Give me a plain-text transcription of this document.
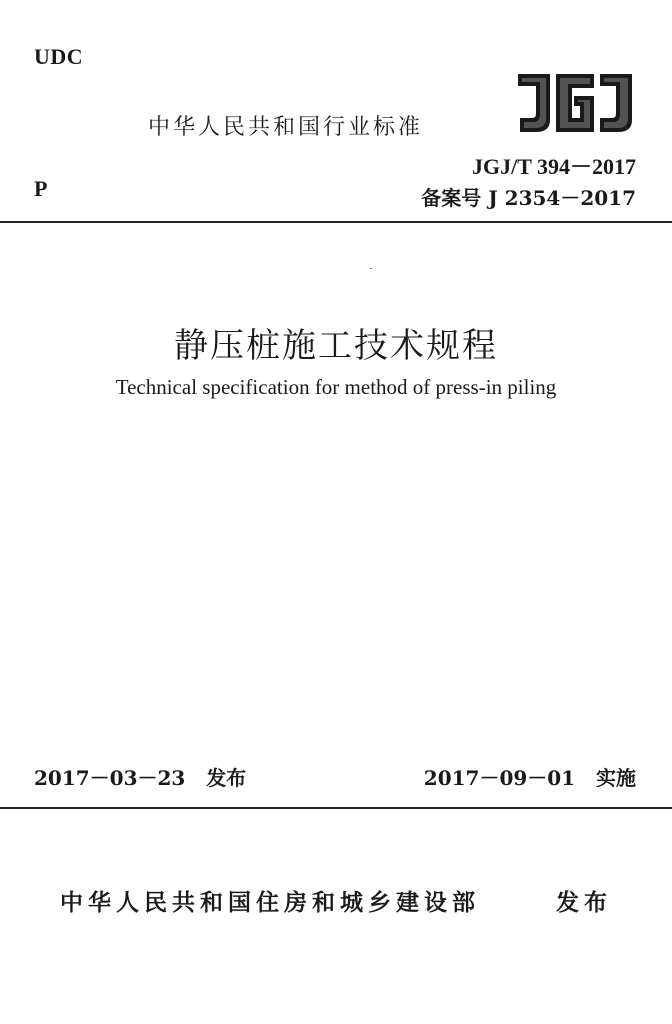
UDC
中华人民共和国行业标准
JGJ/T 394－2017
P	备案号 J 2354－2017
静压桩施工技术规程
Technical specification for method of press-in piling
2017－03－23 发布	2017－09－01 实施
中华人民共和国住房和城乡建设部	发布
